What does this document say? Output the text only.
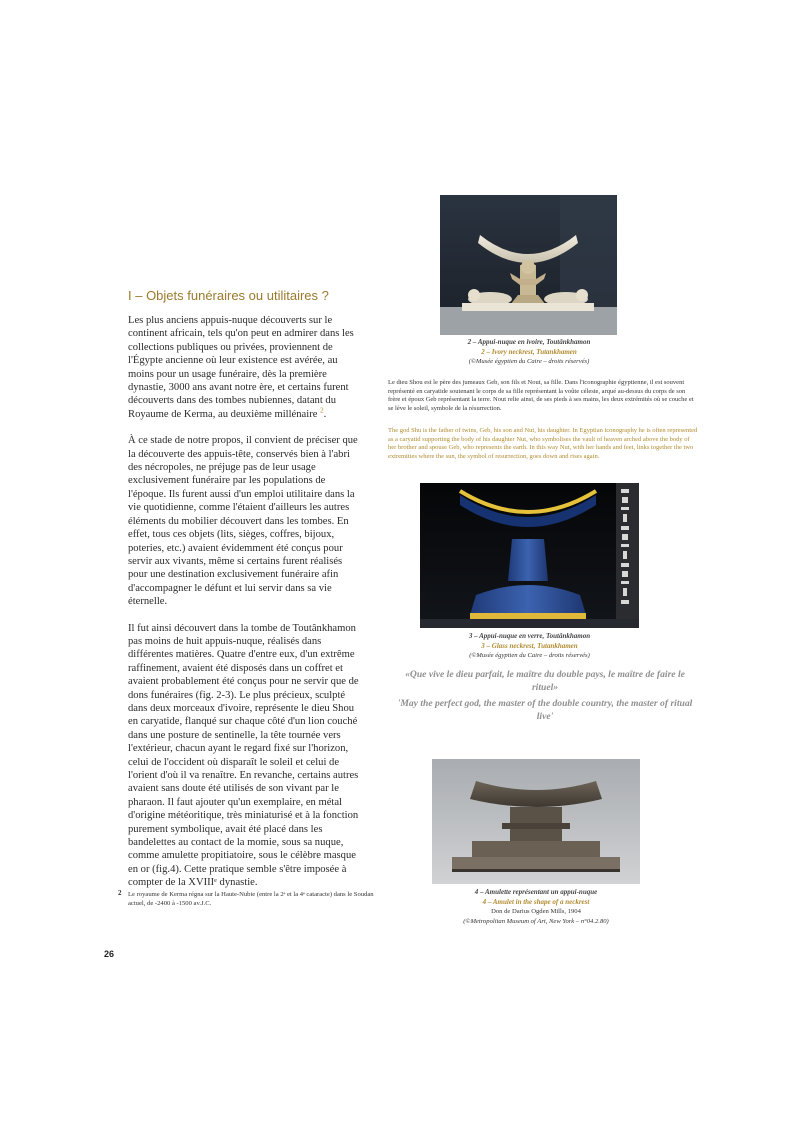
I – Objets funéraires ou utilitaires ?

Les plus anciens appuis-nuque découverts sur le continent africain, tels qu'on peut en admirer dans les collections publiques ou privées, proviennent de l'Égypte ancienne où leur existence est avérée, au moins pour un usage funéraire, dès la première dynastie, 3000 ans avant notre ère, et certains furent découverts dans des tombes nubiennes, datant du Royaume de Kerma, au deuxième millénaire $^2$.

À ce stade de notre propos, il convient de préciser que la découverte des appuis-tête, conservés bien à l'abri des nécropoles, ne préjuge pas de leur usage exclusivement funéraire par les populations de l'époque. Ils furent aussi d'un emploi utilitaire dans la vie quotidienne, comme l'étaient d'ailleurs les autres éléments du mobilier découvert dans les tombes. En effet, tous ces objets (lits, sièges, coffres, bijoux, poteries, etc.) avaient évidemment été conçus pour servir aux vivants, même si certains furent réalisés pour une destination exclusivement funéraire afin d'accompagner le défunt et lui servir dans sa vie éternelle.

Il fut ainsi découvert dans la tombe de Toutânkhamon pas moins de huit appuis-nuque, réalisés dans différentes matières. Quatre d'entre eux, d'un extrême raffinement, avaient été disposés dans un coffret et avaient probablement été conçus pour ne servir que de dons funéraires (fig. 2-3). Le plus précieux, sculpté dans deux morceaux d'ivoire, représente le dieu Shou en caryatide, flanqué sur chaque côté d'un lion couché dans une posture de sentinelle, la tête tournée vers l'extérieur, chacun ayant le regard fixé sur l'horizon, celui de l'occident où disparaît le soleil et celui de l'orient d'où il va renaître. En revanche, certains autres avaient sans doute été utilisés de son vivant par le pharaon. Il faut ajouter qu'un exemplaire, en métal d'origine météoritique, très miniaturisé et à la fonction purement symbolique, avait été placé dans les bandelettes au contact de la momie, sous sa nuque, comme amulette propitiatoire, sous le célèbre masque en or (fig.4). Cette pratique semble s'être imposée à compter de la XVIIIᵉ dynastie.

2 Le royaume de Kerma régna sur la Haute-Nubie (entre la 2ᵉ et la 4ᵉ cataracte) dans le Soudan actuel, de -2400 à -1500 av.J.C.
26
2 – Appui-nuque en ivoire, Toutânkhamon
2 – Ivory neckrest, Tutankhamen
(©Musée égyptien du Caire – droits réservés)
Le dieu Shou est le père des jumeaux Geb, son fils et Nout, sa fille. Dans l'iconographie égyptienne, il est souvent représenté en caryatide soutenant le corps de sa fille représentant la voûte céleste, arqué au-dessus du corps de son frère et époux Geb représentant la terre. Nout relie ainsi, de ses pieds à ses mains, les deux extrémités où se couche et se lève le soleil, symbole de la résurrection.
The god Shu is the father of twins, Geb, his son and Nut, his daughter. In Egyptian iconography he is often represented as a caryatid supporting the body of his daughter Nut, who symbolises the vault of heaven arched above the body of her brother and spouse Geb, who represents the earth. In this way Nut, with her hands and feet, links together the two extremities where the sun, the symbol of resurrection, goes down and rises again.
3 – Appui-nuque en verre, Toutânkhamon
3 – Glass neckrest, Tutankhamen
(©Musée égyptien du Caire – droits réservés)
«Que vive le dieu parfait, le maître du double pays, le maître de faire le rituel»
'May the perfect god, the master of the double country, the master of ritual live'
4 – Amulette représentant un appui-nuque
4 – Amulet in the shape of a neckrest
Don de Darius Ogden Mills, 1904
(©Metropolitan Museum of Art, New York – n°04.2.80)
